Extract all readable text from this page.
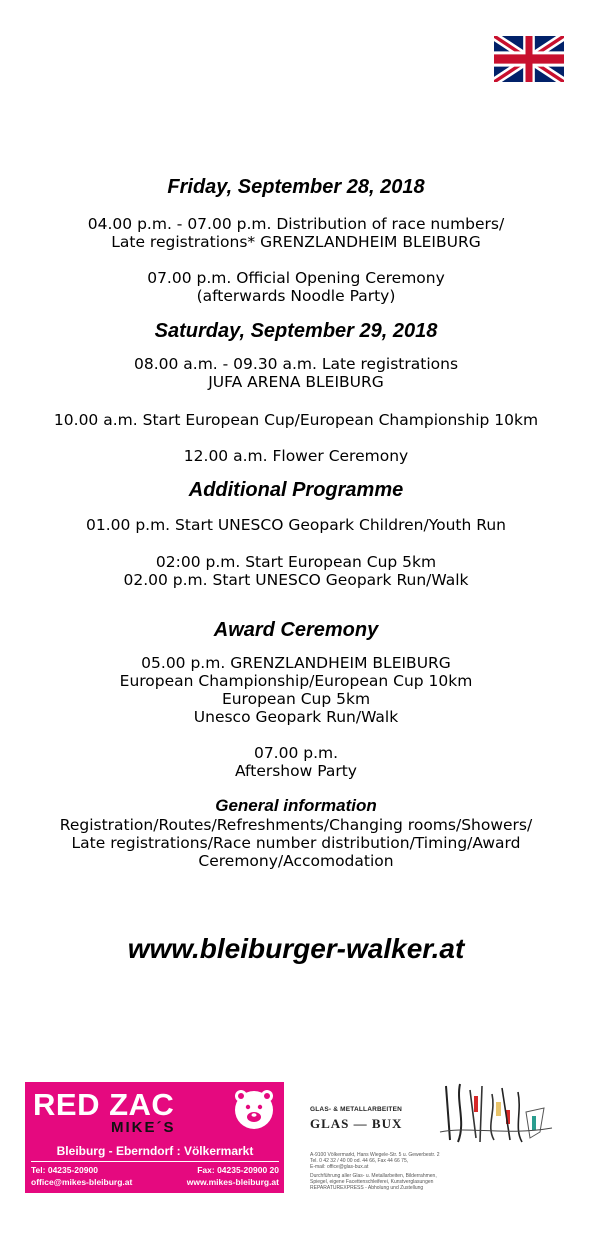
Friday, September 28, 2018

04.00 p.m. - 07.00 p.m. Distribution of race numbers/

Late registrations* GRENZLANDHEIM BLEIBURG

07.00 p.m. Official Opening Ceremony

(afterwards Noodle Party)

Saturday, September 29, 2018

08.00 a.m. - 09.30 a.m. Late registrations

JUFA ARENA BLEIBURG

10.00 a.m. Start European Cup/European Championship 10km

12.00 a.m. Flower Ceremony

Additional Programme

01.00 p.m. Start UNESCO Geopark Children/Youth Run

02:00 p.m. Start European Cup 5km

02.00 p.m. Start UNESCO Geopark Run/Walk

Award Ceremony

05.00 p.m. GRENZLANDHEIM BLEIBURG

European Championship/European Cup 10km

European Cup 5km

Unesco Geopark Run/Walk

07.00 p.m.

Aftershow Party

General information

Registration/Routes/Refreshments/Changing rooms/Showers/

Late registrations/Race number distribution/Timing/Award

Ceremony/Accomodation

www.bleiburger-walker.at
RED ZAC
MIKE´S
Bleiburg - Eberndorf : Völkermarkt
Tel: 04235-20900	Fax: 04235-20900 20
office@mikes-bleiburg.at	www.mikes-bleiburg.at
GLAS- & METALLARBEITEN
GLAS — BUX
A-9100 Völkermarkt, Hans Wiegele-Str. 5 u. Gewerbestr. 2
Tel. 0 42 32 / 40 00 od. 44 66, Fax 44 66 75,
E-mail: office@glas-bux.at
Durchführung aller Glas- u. Metallarbeiten, Bilderrahmen,
Spiegel, eigene Facettenschleiferei, Kunstverglasungen
REPARATUREXPRESS - Abholung und Zustellung
